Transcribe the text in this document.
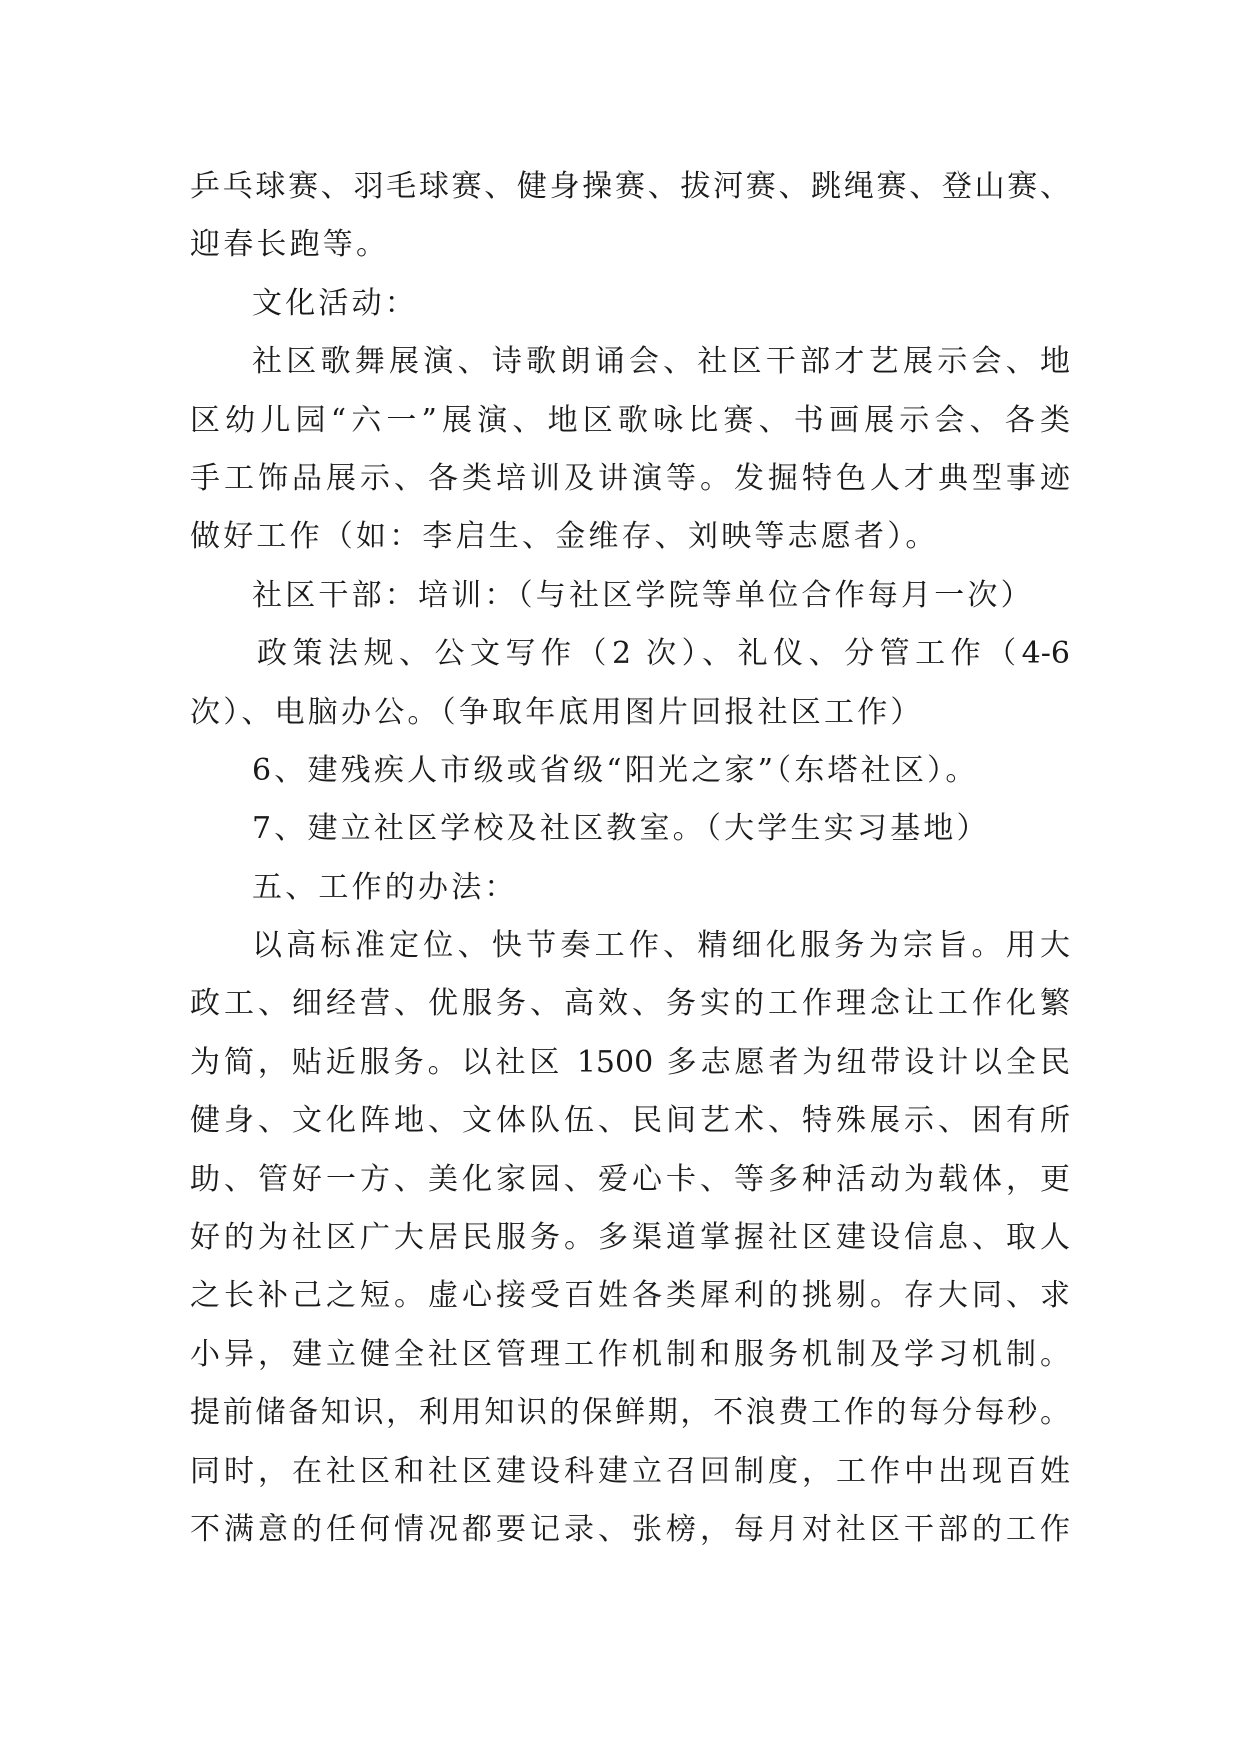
乒乓球赛、羽毛球赛、健身操赛、拔河赛、跳绳赛、登山赛、
迎春长跑等。
文化活动：
社区歌舞展演、诗歌朗诵会、社区干部才艺展示会、地
区幼儿园“六一”展演、地区歌咏比赛、书画展示会、各类
手工饰品展示、各类培训及讲演等。发掘特色人才典型事迹
做好工作（如：李启生、金维存、刘映等志愿者）。
社区干部：培训：（与社区学院等单位合作每月一次）
政策法规、公文写作（2 次）、礼仪、分管工作（4-6
次）、电脑办公。（争取年底用图片回报社区工作）
6、建残疾人市级或省级“阳光之家”（东塔社区）。
7、建立社区学校及社区教室。（大学生实习基地）
五、工作的办法：
以高标准定位、快节奏工作、精细化服务为宗旨。用大
政工、细经营、优服务、高效、务实的工作理念让工作化繁
为简，贴近服务。以社区 1500 多志愿者为纽带设计以全民
健身、文化阵地、文体队伍、民间艺术、特殊展示、困有所
助、管好一方、美化家园、爱心卡、等多种活动为载体，更
好的为社区广大居民服务。多渠道掌握社区建设信息、取人
之长补己之短。虚心接受百姓各类犀利的挑剔。存大同、求
小异，建立健全社区管理工作机制和服务机制及学习机制。
提前储备知识，利用知识的保鲜期，不浪费工作的每分每秒。
同时，在社区和社区建设科建立召回制度，工作中出现百姓
不满意的任何情况都要记录、张榜，每月对社区干部的工作
